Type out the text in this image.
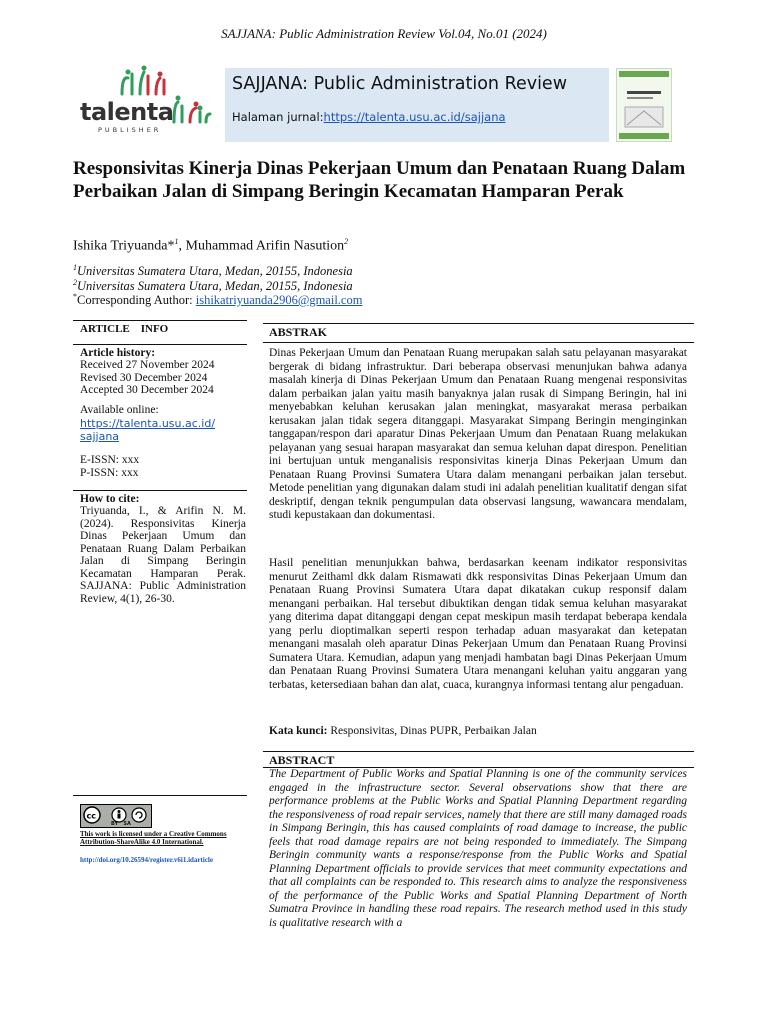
SAJJANA: Public Administration Review Vol.04, No.01 (2024)
talenta
PUBLISHER
SAJJANA: Public Administration Review
Halaman jurnal:https://talenta.usu.ac.id/sajjana
Responsivitas Kinerja Dinas Pekerjaan Umum dan Penataan Ruang Dalam Perbaikan Jalan di Simpang Beringin Kecamatan Hamparan Perak
Ishika Triyuanda*$^1$, Muhammad Arifin Nasution$^2$
$^1$Universitas Sumatera Utara, Medan, 20155, Indonesia
$^2$Universitas Sumatera Utara, Medan, 20155, Indonesia
*Corresponding Author: ishikatriyuanda2906@gmail.com
ARTICLE    INFO
Article history:
Received 27 November 2024
Revised 30 December 2024
Accepted 30 December 2024
Available online:
https://talenta.usu.ac.id/
sajjana
E-ISSN: xxx
P-ISSN: xxx
How to cite:
Triyuanda, I., & Arifin N. M. (2024). Responsivitas Kinerja Dinas Pekerjaan Umum dan Penataan Ruang Dalam Perbaikan Jalan di Simpang Beringin Kecamatan Hamparan Perak. SAJJANA: Public Administration Review, 4(1), 26-30.
cc
BY   SA
This work is licensed under a Creative Commons Attribution-ShareAlike 4.0 International.
http://doi.org/10.26594/register.v6i1.idarticle
ABSTRAK
Dinas Pekerjaan Umum dan Penataan Ruang merupakan salah satu pelayanan masyarakat bergerak di bidang infrastruktur. Dari beberapa observasi menunjukan bahwa adanya masalah kinerja di Dinas Pekerjaan Umum dan Penataan Ruang mengenai responsivitas dalam perbaikan jalan yaitu masih banyaknya jalan rusak di Simpang Beringin, hal ini menyebabkan keluhan kerusakan jalan meningkat, masyarakat merasa perbaikan kerusakan jalan tidak segera ditanggapi. Masyarakat Simpang Beringin menginginkan tanggapan/respon dari aparatur Dinas Pekerjaan Umum dan Penataan Ruang melakukan pelayanan yang sesuai harapan masyarakat dan semua keluhan dapat direspon. Penelitian ini bertujuan untuk menganalisis responsivitas kinerja Dinas Pekerjaan Umum dan Penataan Ruang Provinsi Sumatera Utara dalam menangani perbaikan jalan tersebut. Metode penelitian yang digunakan dalam studi ini adalah penelitian kualitatif dengan sifat deskriptif, dengan teknik pengumpulan data observasi langsung, wawancara mendalam, studi kepustakaan dan dokumentasi.
Hasil penelitian menunjukkan bahwa, berdasarkan keenam indikator responsivitas menurut Zeithaml dkk dalam Rismawati dkk responsivitas Dinas Pekerjaan Umum dan Penataan Ruang Provinsi Sumatera Utara dapat dikatakan cukup responsif dalam menangani perbaikan. Hal tersebut dibuktikan dengan tidak semua keluhan masyarakat yang diterima dapat ditanggapi dengan cepat meskipun masih terdapat beberapa kendala yang perlu dioptimalkan seperti respon terhadap aduan masyarakat dan ketepatan menangani masalah oleh aparatur Dinas Pekerjaan Umum dan Penataan Ruang Provinsi Sumatera Utara. Kemudian, adapun yang menjadi hambatan bagi Dinas Pekerjaan Umum dan Penataan Ruang Provinsi Sumatera Utara menangani keluhan yaitu anggaran yang terbatas, ketersediaan bahan dan alat, cuaca, kurangnya informasi tentang alur pengaduan.
Kata kunci: Responsivitas, Dinas PUPR, Perbaikan Jalan
ABSTRACT
The Department of Public Works and Spatial Planning is one of the community services engaged in the infrastructure sector. Several observations show that there are performance problems at the Public Works and Spatial Planning Department regarding the responsiveness of road repair services, namely that there are still many damaged roads in Simpang Beringin, this has caused complaints of road damage to increase, the public feels that road damage repairs are not being responded to immediately. The Simpang Beringin community wants a response/response from the Public Works and Spatial Planning Department officials to provide services that meet community expectations and that all complaints can be responded to. This research aims to analyze the responsiveness of the performance of the Public Works and Spatial Planning Department of North Sumatra Province in handling these road repairs. The research method used in this study is qualitative research with a
